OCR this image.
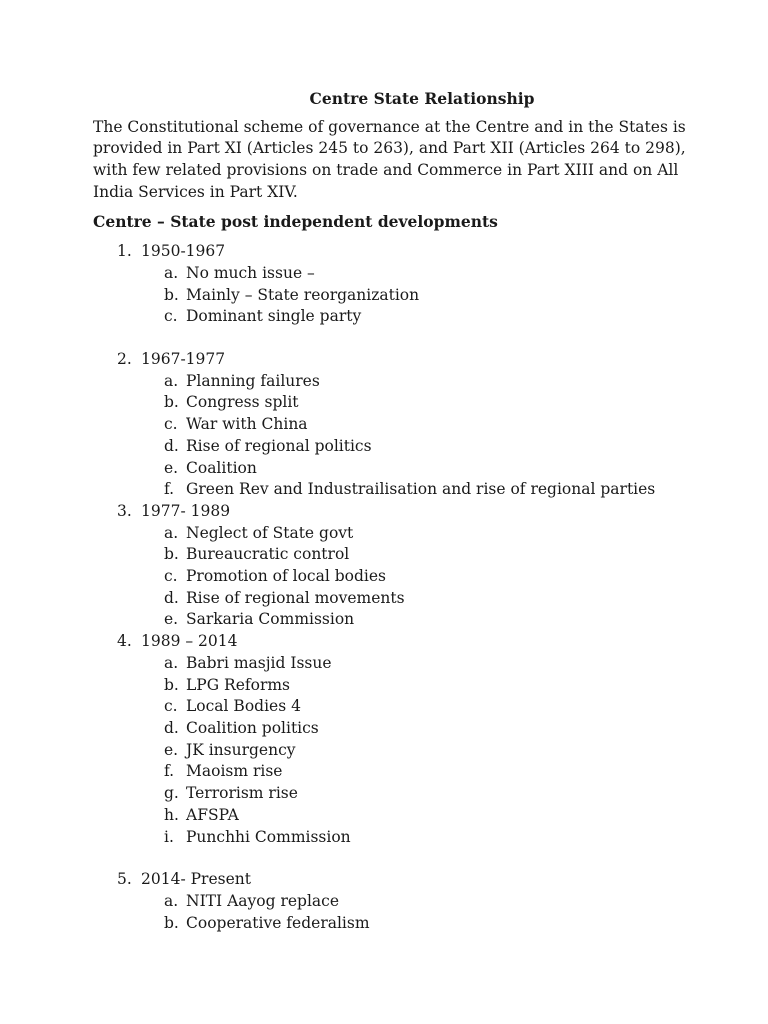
Centre State Relationship

The Constitutional scheme of governance at the Centre and in the States is provided in Part XI (Articles 245 to 263), and Part XII (Articles 264 to 298), with few related provisions on trade and Commerce in Part XIII and on All India Services in Part XIV.

Centre – State post independent developments
1. 1950-1967
a. No much issue –
b. Mainly – State reorganization
c. Dominant single party
2. 1967-1977
a. Planning failures
b. Congress split
c. War with China
d. Rise of regional politics
e. Coalition
f. Green Rev and Industrailisation and rise of regional parties
3. 1977- 1989
a. Neglect of State govt
b. Bureaucratic control
c. Promotion of local bodies
d. Rise of regional movements
e. Sarkaria Commission
4. 1989 – 2014
a. Babri masjid Issue
b. LPG Reforms
c. Local Bodies 4
d. Coalition politics
e. JK insurgency
f. Maoism rise
g. Terrorism rise
h. AFSPA
i. Punchhi Commission
5. 2014- Present
a. NITI Aayog replace
b. Cooperative federalism
